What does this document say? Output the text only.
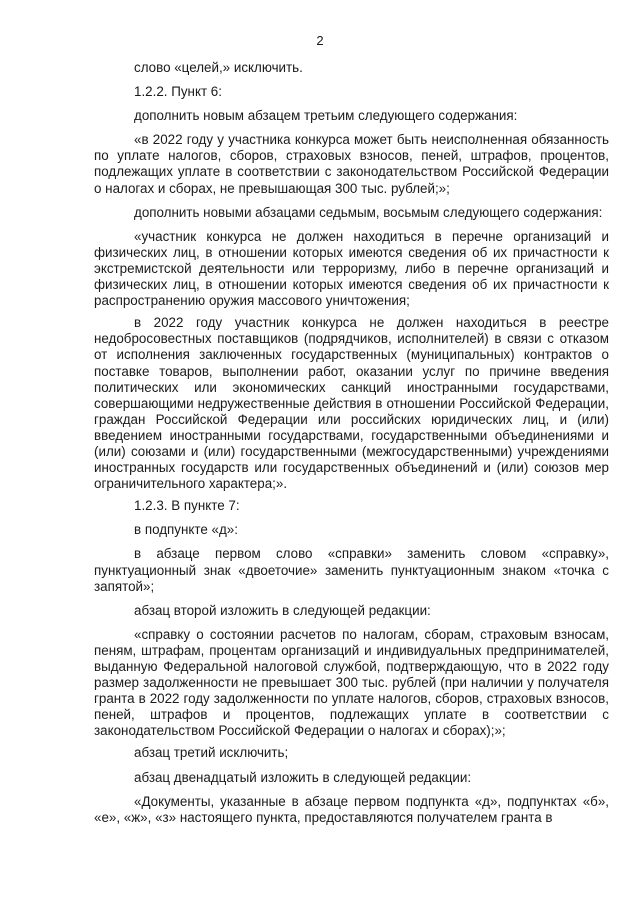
2

слово «целей,» исключить.

1.2.2. Пункт 6:

дополнить новым абзацем третьим следующего содержания:

«в 2022 году у участника конкурса может быть неисполненная обязанность по уплате налогов, сборов, страховых взносов, пеней, штрафов, процентов, подлежащих уплате в соответствии с законодательством Российской Федерации о налогах и сборах, не превышающая 300 тыс. рублей;»;

дополнить новыми абзацами седьмым, восьмым следующего содержания:

«участник конкурса не должен находиться в перечне организаций и физических лиц, в отношении которых имеются сведения об их причастности к экстремистской деятельности или терроризму, либо в перечне организаций и физических лиц, в отношении которых имеются сведения об их причастности к распространению оружия массового уничтожения;

в 2022 году участник конкурса не должен находиться в реестре недобросовестных поставщиков (подрядчиков, исполнителей) в связи с отказом от исполнения заключенных государственных (муниципальных) контрактов о поставке товаров, выполнении работ, оказании услуг по причине введения политических или экономических санкций иностранными государствами, совершающими недружественные действия в отношении Российской Федерации, граждан Российской Федерации или российских юридических лиц, и (или) введением иностранными государствами, государственными объединениями и (или) союзами и (или) государственными (межгосударственными) учреждениями иностранных государств или государственных объединений и (или) союзов мер ограничительного характера;».

1.2.3. В пункте 7:

в подпункте «д»:

в абзаце первом слово «справки» заменить словом «справку», пунктуационный знак «двоеточие» заменить пунктуационным знаком «точка с запятой»;

абзац второй изложить в следующей редакции:

«справку о состоянии расчетов по налогам, сборам, страховым взносам, пеням, штрафам, процентам организаций и индивидуальных предпринимателей, выданную Федеральной налоговой службой, подтверждающую, что в 2022 году размер задолженности не превышает 300 тыс. рублей (при наличии у получателя гранта в 2022 году задолженности по уплате налогов, сборов, страховых взносов, пеней, штрафов и процентов, подлежащих уплате в соответствии с законодательством Российской Федерации о налогах и сборах);»;

абзац третий исключить;

абзац двенадцатый изложить в следующей редакции:

«Документы, указанные в абзаце первом подпункта «д», подпунктах «б», «е», «ж», «з» настоящего пункта, предоставляются получателем гранта в
